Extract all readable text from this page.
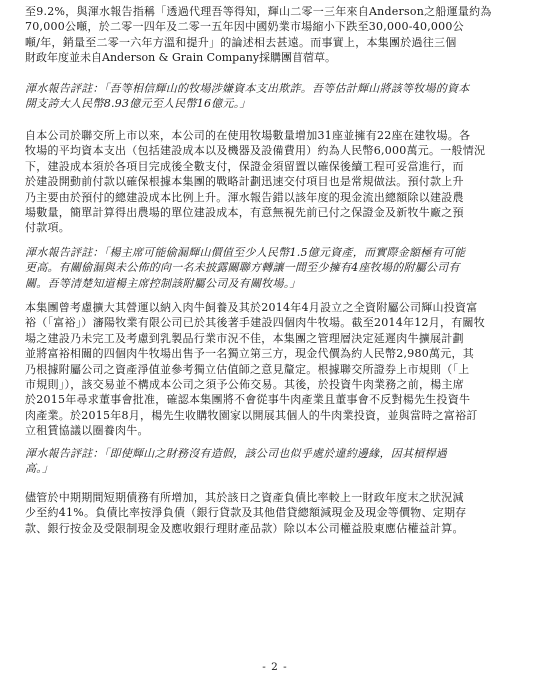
至9.2%，與渾水報告指稱「透過代理吾等得知，輝山二零一三年來自Anderson之船運量約為
70,000公噸，於二零一四年及二零一五年因中國奶業市場縮小下跌至30,000-40,000公
噸/年，銷量至二零一六年方溫和提升」的論述相去甚遠。而事實上，本集團於過往三個
財政年度並未自Anderson & Grain Company採購團苜蓿草。
渾水報告評註：「吾等相信輝山的牧場涉嫌資本支出欺詐。吾等估計輝山將該等牧場的資本
開支誇大人民幣8.93億元至人民幣16億元。」
自本公司於聯交所上市以來，本公司的在使用牧場數量增加31座並擁有22座在建牧場。各
牧場的平均資本支出（包括建設成本以及機器及設備費用）約為人民幣6,000萬元。一般情況
下，建設成本須於各項目完成後全數支付，保證金須留置以確保後續工程可妥當進行，而
於建設開動前付款以確保根據本集團的戰略計劃迅速交付項目也是常規做法。預付款上升
乃主要由於預付的總建設成本比例上升。渾水報告錯以該年度的現金流出總額除以建設農
場數量，簡單計算得出農場的單位建設成本，有意無視先前已付之保證金及新牧牛廠之預
付款項。
渾水報告評註：「楊主席可能偷漏輝山價值至少人民幣1.5億元資產，而實際金額極有可能
更高。有關偷漏與未公佈的向一名未披露關聯方轉讓一間至少擁有4座牧場的附屬公司有
關。吾等清楚知道楊主席控制該附屬公司及有關牧場。」
本集團曾考慮擴大其營運以納入肉牛飼養及其於2014年4月設立之全資附屬公司輝山投資富
裕（「富裕」）瀋陽牧業有限公司已於其後著手建設四個肉牛牧場。截至2014年12月，有關牧
場之建設乃未完工及考慮到乳製品行業市況不佳，本集團之管理層決定延遲肉牛擴展計劃
並將富裕相關的四個肉牛牧場出售予一名獨立第三方，現金代價為約人民幣2,980萬元，其
乃根據附屬公司之資產淨值並參考獨立估值師之意見釐定。根據聯交所證券上市規則（「上
市規則」），該交易並不構成本公司之須予公佈交易。其後，於投資牛肉業務之前，楊主席
於2015年尋求董事會批准，確認本集團將不會從事牛肉產業且董事會不反對楊先生投資牛
肉產業。於2015年8月，楊先生收購牧園家以開展其個人的牛肉業投資，並與當時之富裕訂
立租賃協議以圈養肉牛。
渾水報告評註：「即使輝山之財務沒有造假，該公司也似乎處於違約邊緣，因其槓桿過
高。」
儘管於中期期間短期債務有所增加，其於該日之資產負債比率較上一財政年度末之狀況減
少至約41%。負債比率按淨負債（銀行貸款及其他借貸總額減現金及現金等價物、定期存
款、銀行按金及受限制現金及應收銀行理財產品款）除以本公司權益股東應佔權益計算。
- 2 -
